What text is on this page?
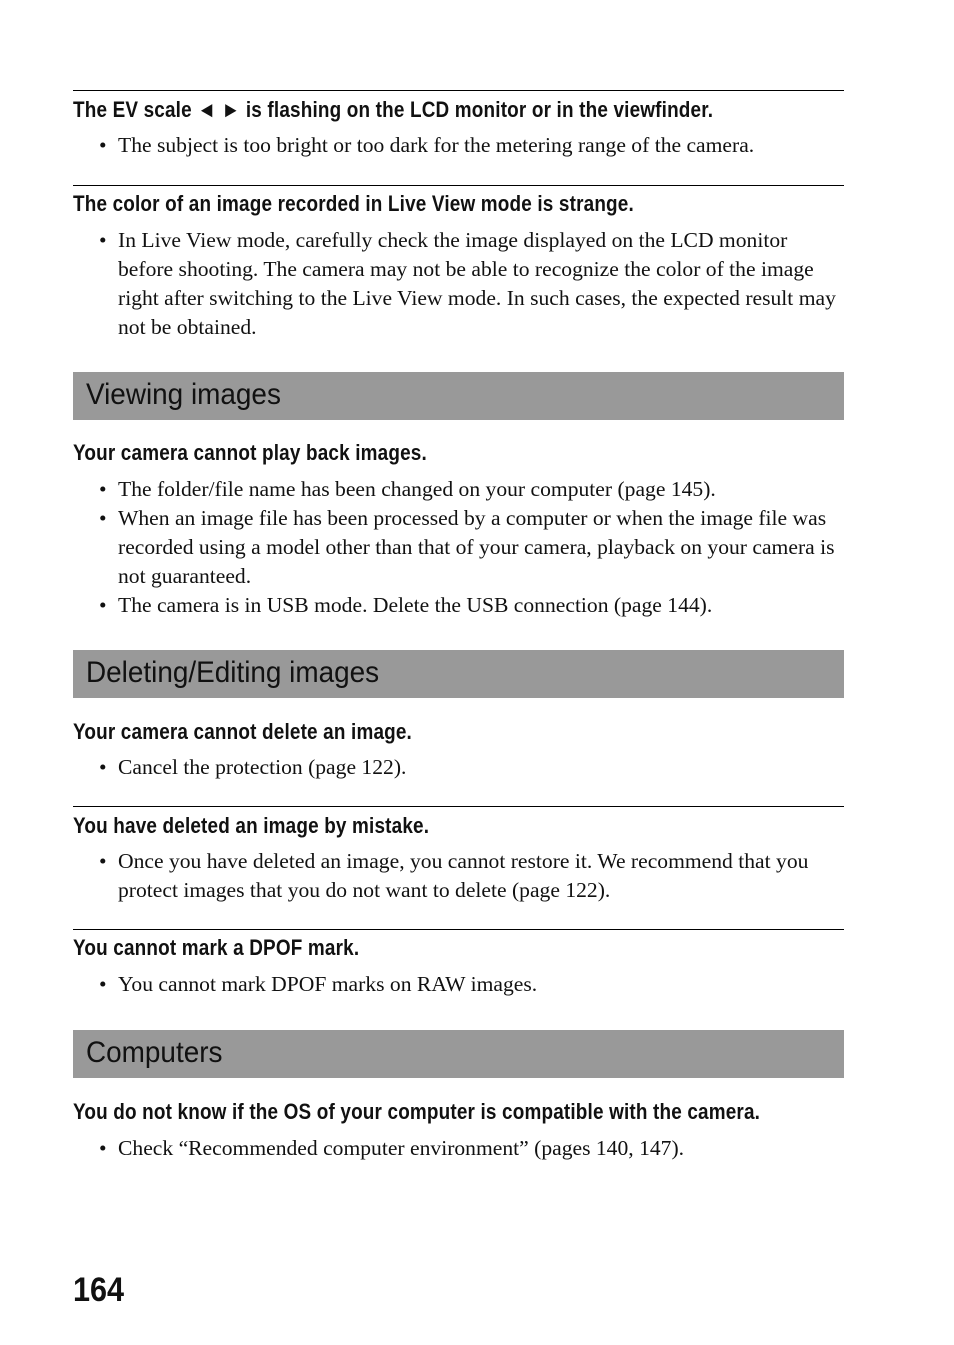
The EV scale ◄ ► is flashing on the LCD monitor or in the viewfinder.
• The subject is too bright or too dark for the metering range of the camera.
The color of an image recorded in Live View mode is strange.
• In Live View mode, carefully check the image displayed on the LCD monitor before shooting. The camera may not be able to recognize the color of the image right after switching to the Live View mode. In such cases, the expected result may not be obtained.
Viewing images
Your camera cannot play back images.
• The folder/file name has been changed on your computer (page 145).
• When an image file has been processed by a computer or when the image file was recorded using a model other than that of your camera, playback on your camera is not guaranteed.
• The camera is in USB mode. Delete the USB connection (page 144).
Deleting/Editing images
Your camera cannot delete an image.
• Cancel the protection (page 122).
You have deleted an image by mistake.
• Once you have deleted an image, you cannot restore it. We recommend that you protect images that you do not want to delete (page 122).
You cannot mark a DPOF mark.
• You cannot mark DPOF marks on RAW images.
Computers
You do not know if the OS of your computer is compatible with the camera.
• Check “Recommended computer environment” (pages 140, 147).
164
